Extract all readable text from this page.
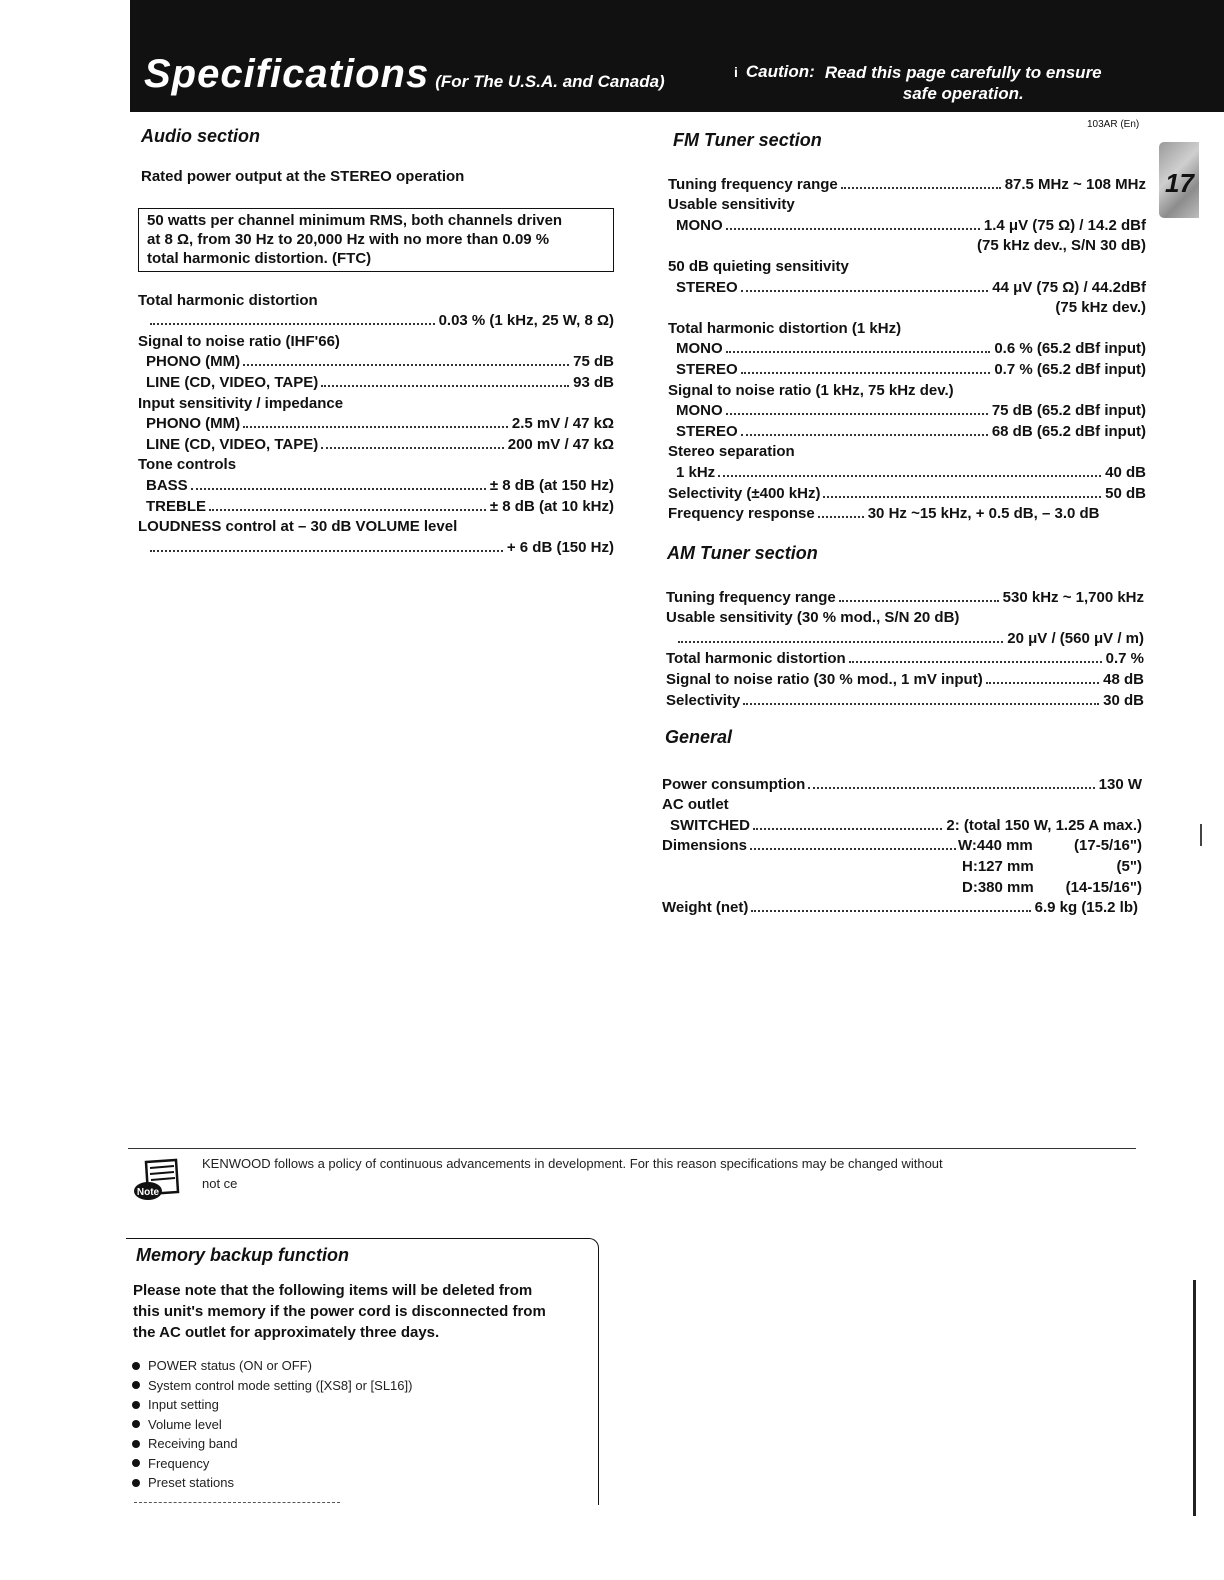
Specifications (For The U.S.A. and Canada)	i Caution: Read this page carefully to ensure
safe operation.
103AR (En)
17
Audio section
Rated power output at the STEREO operation
50 watts per channel minimum RMS, both channels driven
at 8 Ω, from 30 Hz to 20,000 Hz with no more than 0.09 %
total harmonic distortion. (FTC)
Total harmonic distortion
0.03 % (1 kHz, 25 W, 8 Ω)
Signal to noise ratio (IHF'66)
PHONO (MM)	75 dB
LINE (CD, VIDEO, TAPE)	93 dB
Input sensitivity / impedance
PHONO (MM)	2.5 mV / 47 kΩ
LINE (CD, VIDEO, TAPE)	200 mV / 47 kΩ
Tone controls
BASS	± 8 dB (at 150 Hz)
TREBLE	± 8 dB (at 10 kHz)
LOUDNESS control at – 30 dB VOLUME level
+ 6 dB (150 Hz)
FM Tuner section
Tuning frequency range	87.5 MHz ~ 108 MHz
Usable sensitivity
MONO	1.4 μV (75 Ω) / 14.2 dBf
(75 kHz dev., S/N 30 dB)
50 dB quieting sensitivity
STEREO	44 μV (75 Ω) / 44.2dBf
(75 kHz dev.)
Total harmonic distortion (1 kHz)
MONO	0.6 % (65.2 dBf input)
STEREO	0.7 % (65.2 dBf input)
Signal to noise ratio (1 kHz, 75 kHz dev.)
MONO	75 dB (65.2 dBf input)
STEREO	68 dB (65.2 dBf input)
Stereo separation
1 kHz	40 dB
Selectivity (±400 kHz)	50 dB
Frequency response	30 Hz ~15 kHz, + 0.5 dB, – 3.0 dB
AM Tuner section
Tuning frequency range	530 kHz ~ 1,700 kHz
Usable sensitivity (30 % mod., S/N 20 dB)
20 μV / (560 μV / m)
Total harmonic distortion	0.7 %
Signal to noise ratio (30 % mod., 1 mV input)	48 dB
Selectivity	30 dB
General
Power consumption	130 W
AC outlet
SWITCHED	2: (total 150 W, 1.25 A max.)
Dimensions	W:440 mm	(17-5/16")
H:127 mm	(5")
D:380 mm	(14-15/16")
Weight (net)	6.9 kg (15.2 lb)
Note
KENWOOD follows a policy of continuous advancements in development. For this reason specifications may be changed without
not ce
Memory backup function
Please note that the following items will be deleted from
this unit's memory if the power cord is disconnected from
the AC outlet for approximately three days.
POWER status (ON or OFF)
System control mode setting ([XS8] or [SL16])
Input setting
Volume level
Receiving band
Frequency
Preset stations
